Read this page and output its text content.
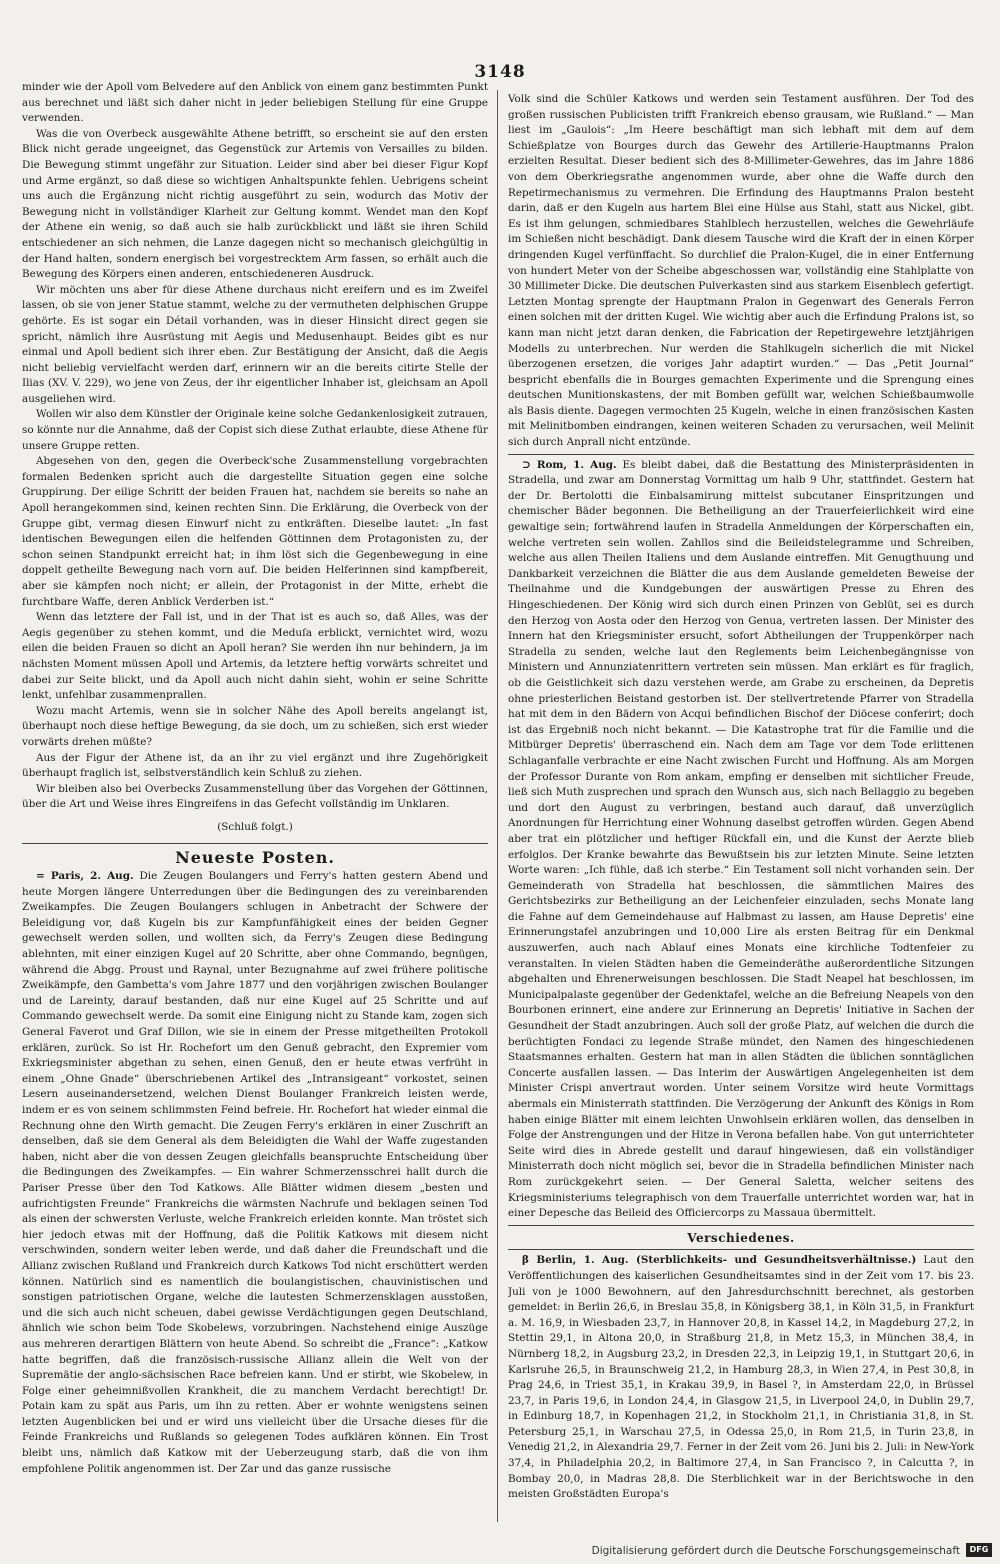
3148

minder wie der Apoll vom Belvedere auf den Anblick von einem ganz bestimmten Punkt aus berechnet und läßt sich daher nicht in jeder beliebigen Stellung für eine Gruppe verwenden.

Was die von Overbeck ausgewählte Athene betrifft, so erscheint sie auf den ersten Blick nicht gerade ungeeignet, das Gegenstück zur Artemis von Versailles zu bilden. Die Bewegung stimmt ungefähr zur Situation. Leider sind aber bei dieser Figur Kopf und Arme ergänzt, so daß diese so wichtigen Anhaltspunkte fehlen. Uebrigens scheint uns auch die Ergänzung nicht richtig ausgeführt zu sein, wodurch das Motiv der Bewegung nicht in vollständiger Klarheit zur Geltung kommt. Wendet man den Kopf der Athene ein wenig, so daß auch sie halb zurückblickt und läßt sie ihren Schild entschiedener an sich nehmen, die Lanze dagegen nicht so mechanisch gleichgültig in der Hand halten, sondern energisch bei vorgestrecktem Arm fassen, so erhält auch die Bewegung des Körpers einen anderen, entschiedeneren Ausdruck.

Wir möchten uns aber für diese Athene durchaus nicht ereifern und es im Zweifel lassen, ob sie von jener Statue stammt, welche zu der vermutheten delphischen Gruppe gehörte. Es ist sogar ein Détail vorhanden, was in dieser Hinsicht direct gegen sie spricht, nämlich ihre Ausrüstung mit Aegis und Medusenhaupt. Beides gibt es nur einmal und Apoll bedient sich ihrer eben. Zur Bestätigung der Ansicht, daß die Aegis nicht beliebig vervielfacht werden darf, erinnern wir an die bereits citirte Stelle der Ilias (XV. V. 229), wo jene von Zeus, der ihr eigentlicher Inhaber ist, gleichsam an Apoll ausgeliehen wird.

Wollen wir also dem Künstler der Originale keine solche Gedankenlosigkeit zutrauen, so könnte nur die Annahme, daß der Copist sich diese Zuthat erlaubte, diese Athene für unsere Gruppe retten.

Abgesehen von den, gegen die Overbeck'sche Zusammenstellung vorgebrachten formalen Bedenken spricht auch die dargestellte Situation gegen eine solche Gruppirung. Der eilige Schritt der beiden Frauen hat, nachdem sie bereits so nahe an Apoll herangekommen sind, keinen rechten Sinn. Die Erklärung, die Overbeck von der Gruppe gibt, vermag diesen Einwurf nicht zu entkräften. Dieselbe lautet: „In fast identischen Bewegungen eilen die helfenden Göttinnen dem Protagonisten zu, der schon seinen Standpunkt erreicht hat; in ihm löst sich die Gegenbewegung in eine doppelt getheilte Bewegung nach vorn auf. Die beiden Helferinnen sind kampfbereit, aber sie kämpfen noch nicht; er allein, der Protagonist in der Mitte, erhebt die furchtbare Waffe, deren Anblick Verderben ist.“

Wenn das letztere der Fall ist, und in der That ist es auch so, daß Alles, was der Aegis gegenüber zu stehen kommt, und die Meduſa erblickt, vernichtet wird, wozu eilen die beiden Frauen so dicht an Apoll heran? Sie werden ihn nur behindern, ja im nächsten Moment müssen Apoll und Artemis, da letztere heftig vorwärts schreitet und dabei zur Seite blickt, und da Apoll auch nicht dahin sieht, wohin er seine Schritte lenkt, unfehlbar zusammenprallen.

Wozu macht Artemis, wenn sie in solcher Nähe des Apoll bereits angelangt ist, überhaupt noch diese heftige Bewegung, da sie doch, um zu schießen, sich erst wieder vorwärts drehen müßte?

Aus der Figur der Athene ist, da an ihr zu viel ergänzt und ihre Zugehörigkeit überhaupt fraglich ist, selbstverständlich kein Schluß zu ziehen.

Wir bleiben also bei Overbecks Zusammenstellung über das Vorgehen der Göttinnen, über die Art und Weise ihres Eingreifens in das Gefecht vollständig im Unklaren.

(Schluß folgt.)
Neueste Posten.

= Paris, 2. Aug. Die Zeugen Boulangers und Ferry's hatten gestern Abend und heute Morgen längere Unterredungen über die Bedingungen des zu vereinbarenden Zweikampfes. Die Zeugen Boulangers schlugen in Anbetracht der Schwere der Beleidigung vor, daß Kugeln bis zur Kampfunfähigkeit eines der beiden Gegner gewechselt werden sollen, und wollten sich, da Ferry's Zeugen diese Bedingung ablehnten, mit einer einzigen Kugel auf 20 Schritte, aber ohne Commando, begnügen, während die Abgg. Proust und Raynal, unter Bezugnahme auf zwei frühere politische Zweikämpfe, den Gambetta's vom Jahre 1877 und den vorjährigen zwischen Boulanger und de Lareinty, darauf bestanden, daß nur eine Kugel auf 25 Schritte und auf Commando gewechselt werde. Da somit eine Einigung nicht zu Stande kam, zogen sich General Faverot und Graf Dillon, wie sie in einem der Presse mitgetheilten Protokoll erklären, zurück. So ist Hr. Rochefort um den Genuß gebracht, den Expremier vom Exkriegsminister abgethan zu sehen, einen Genuß, den er heute etwas verfrüht in einem „Ohne Gnade“ überschriebenen Artikel des „Intransigeant“ vorkostet, seinen Lesern auseinandersetzend, welchen Dienst Boulanger Frankreich leisten werde, indem er es von seinem schlimmsten Feind befreie. Hr. Rochefort hat wieder einmal die Rechnung ohne den Wirth gemacht. Die Zeugen Ferry's erklären in einer Zuschrift an denselben, daß sie dem General als dem Beleidigten die Wahl der Waffe zugestanden haben, nicht aber die von dessen Zeugen gleichfalls beanspruchte Entscheidung über die Bedingungen des Zweikampfes. — Ein wahrer Schmerzensschrei hallt durch die Pariser Presse über den Tod Katkows. Alle Blätter widmen diesem „besten und aufrichtigsten Freunde“ Frankreichs die wärmsten Nachrufe und beklagen seinen Tod als einen der schwersten Verluste, welche Frankreich erleiden konnte. Man tröstet sich hier jedoch etwas mit der Hoffnung, daß die Politik Katkows mit diesem nicht verschwinden, sondern weiter leben werde, und daß daher die Freundschaft und die Allianz zwischen Rußland und Frankreich durch Katkows Tod nicht erschüttert werden können. Natürlich sind es namentlich die boulangistischen, chauvinistischen und sonstigen patriotischen Organe, welche die lautesten Schmerzensklagen ausstoßen, und die sich auch nicht scheuen, dabei gewisse Verdächtigungen gegen Deutschland, ähnlich wie schon beim Tode Skobelews, vorzubringen. Nachstehend einige Auszüge aus mehreren derartigen Blättern von heute Abend. So schreibt die „France“: „Katkow hatte begriffen, daß die französisch-russische Allianz allein die Welt von der Supremätie der anglo-sächsischen Race befreien kann. Und er stirbt, wie Skobelew, in Folge einer geheimnißvollen Krankheit, die zu manchem Verdacht berechtigt! Dr. Potain kam zu spät aus Paris, um ihn zu retten. Aber er wohnte wenigstens seinen letzten Augenblicken bei und er wird uns vielleicht über die Ursache dieses für die Feinde Frankreichs und Rußlands so gelegenen Todes aufklären können. Ein Trost bleibt uns, nämlich daß Katkow mit der Ueberzeugung starb, daß die von ihm empfohlene Politik angenommen ist. Der Zar und das ganze russische

Volk sind die Schüler Katkows und werden sein Testament ausführen. Der Tod des großen russischen Publicisten trifft Frankreich ebenso grausam, wie Rußland.“ — Man liest im „Gaulois“: „Im Heere beschäftigt man sich lebhaft mit dem auf dem Schießplatze von Bourges durch das Gewehr des Artillerie-Hauptmanns Pralon erzielten Resultat. Dieser bedient sich des 8-Millimeter-Gewehres, das im Jahre 1886 von dem Oberkriegsrathe angenommen wurde, aber ohne die Waffe durch den Repetirmechanismus zu vermehren. Die Erfindung des Hauptmanns Pralon besteht darin, daß er den Kugeln aus hartem Blei eine Hülse aus Stahl, statt aus Nickel, gibt. Es ist ihm gelungen, schmiedbares Stahlblech herzustellen, welches die Gewehrläufe im Schießen nicht beschädigt. Dank diesem Tausche wird die Kraft der in einen Körper dringenden Kugel verfünffacht. So durchlief die Pralon-Kugel, die in einer Entfernung von hundert Meter von der Scheibe abgeschossen war, vollständig eine Stahlplatte von 30 Millimeter Dicke. Die deutschen Pulverkasten sind aus starkem Eisenblech gefertigt. Letzten Montag sprengte der Hauptmann Pralon in Gegenwart des Generals Ferron einen solchen mit der dritten Kugel. Wie wichtig aber auch die Erfindung Pralons ist, so kann man nicht jetzt daran denken, die Fabrication der Repetirgewehre letztjährigen Modells zu unterbrechen. Nur werden die Stahlkugeln sicherlich die mit Nickel überzogenen ersetzen, die voriges Jahr adaptirt wurden.“ — Das „Petit Journal“ bespricht ebenfalls die in Bourges gemachten Experimente und die Sprengung eines deutschen Munitionskastens, der mit Bomben gefüllt war, welchen Schießbaumwolle als Basis diente. Dagegen vermochten 25 Kugeln, welche in einen französischen Kasten mit Melinitbomben eindrangen, keinen weiteren Schaden zu verursachen, weil Melinit sich durch Anprall nicht entzünde.

⊃ Rom, 1. Aug. Es bleibt dabei, daß die Bestattung des Ministerpräsidenten in Stradella, und zwar am Donnerstag Vormittag um halb 9 Uhr, stattfindet. Gestern hat der Dr. Bertolotti die Einbalsamirung mittelst subcutaner Einspritzungen und chemischer Bäder begonnen. Die Betheiligung an der Trauerfeierlichkeit wird eine gewaltige sein; fortwährend laufen in Stradella Anmeldungen der Körperschaften ein, welche vertreten sein wollen. Zahllos sind die Beileidstelegramme und Schreiben, welche aus allen Theilen Italiens und dem Auslande eintreffen. Mit Genugthuung und Dankbarkeit verzeichnen die Blätter die aus dem Auslande gemeldeten Beweise der Theilnahme und die Kundgebungen der auswärtigen Presse zu Ehren des Hingeschiedenen. Der König wird sich durch einen Prinzen von Geblüt, sei es durch den Herzog von Aosta oder den Herzog von Genua, vertreten lassen. Der Minister des Innern hat den Kriegsminister ersucht, sofort Abtheilungen der Truppenkörper nach Stradella zu senden, welche laut den Reglements beim Leichenbegängnisse von Ministern und Annunziatenrittern vertreten sein müssen. Man erklärt es für fraglich, ob die Geistlichkeit sich dazu verstehen werde, am Grabe zu erscheinen, da Depretis ohne priesterlichen Beistand gestorben ist. Der stellvertretende Pfarrer von Stradella hat mit dem in den Bädern von Acqui befindlichen Bischof der Diöcese conferirt; doch ist das Ergebniß noch nicht bekannt. — Die Katastrophe trat für die Familie und die Mitbürger Depretis' überraschend ein. Nach dem am Tage vor dem Tode erlittenen Schlaganfalle verbrachte er eine Nacht zwischen Furcht und Hoffnung. Als am Morgen der Professor Durante von Rom ankam, empfing er denselben mit sichtlicher Freude, ließ sich Muth zusprechen und sprach den Wunsch aus, sich nach Bellaggio zu begeben und dort den August zu verbringen, bestand auch darauf, daß unverzüglich Anordnungen für Herrichtung einer Wohnung daselbst getroffen würden. Gegen Abend aber trat ein plötzlicher und heftiger Rückfall ein, und die Kunst der Aerzte blieb erfolglos. Der Kranke bewahrte das Bewußtsein bis zur letzten Minute. Seine letzten Worte waren: „Ich fühle, daß ich sterbe.“ Ein Testament soll nicht vorhanden sein. Der Gemeinderath von Stradella hat beschlossen, die sämmtlichen Maires des Gerichtsbezirks zur Betheiligung an der Leichenfeier einzuladen, sechs Monate lang die Fahne auf dem Gemeindehause auf Halbmast zu lassen, am Hause Depretis' eine Erinnerungstafel anzubringen und 10,000 Lire als ersten Beitrag für ein Denkmal auszuwerfen, auch nach Ablauf eines Monats eine kirchliche Todtenfeier zu veranstalten. In vielen Städten haben die Gemeinderäthe außerordentliche Sitzungen abgehalten und Ehrenerweisungen beschlossen. Die Stadt Neapel hat beschlossen, im Municipalpalaste gegenüber der Gedenktafel, welche an die Befreiung Neapels von den Bourbonen erinnert, eine andere zur Erinnerung an Depretis' Initiative in Sachen der Gesundheit der Stadt anzubringen. Auch soll der große Platz, auf welchen die durch die berüchtigten Fondaci zu legende Straße mündet, den Namen des hingeschiedenen Staatsmannes erhalten. Gestern hat man in allen Städten die üblichen sonntäglichen Concerte ausfallen lassen. — Das Interim der Auswärtigen Angelegenheiten ist dem Minister Crispi anvertraut worden. Unter seinem Vorsitze wird heute Vormittags abermals ein Ministerrath stattfinden. Die Verzögerung der Ankunft des Königs in Rom haben einige Blätter mit einem leichten Unwohlsein erklären wollen, das denselben in Folge der Anstrengungen und der Hitze in Verona befallen habe. Von gut unterrichteter Seite wird dies in Abrede gestellt und darauf hingewiesen, daß ein vollständiger Ministerrath doch nicht möglich sei, bevor die in Stradella befindlichen Minister nach Rom zurückgekehrt seien. — Der General Saletta, welcher seitens des Kriegsministeriums telegraphisch von dem Trauerfalle unterrichtet worden war, hat in einer Depesche das Beileid des Officiercorps zu Massaua übermittelt.

Verschiedenes.

β Berlin, 1. Aug. (Sterblichkeits- und Gesundheitsverhältnisse.) Laut den Veröffentlichungen des kaiserlichen Gesundheitsamtes sind in der Zeit vom 17. bis 23. Juli von je 1000 Bewohnern, auf den Jahresdurchschnitt berechnet, als gestorben gemeldet: in Berlin 26,6, in Breslau 35,8, in Königsberg 38,1, in Köln 31,5, in Frankfurt a. M. 16,9, in Wiesbaden 23,7, in Hannover 20,8, in Kassel 14,2, in Magdeburg 27,2, in Stettin 29,1, in Altona 20,0, in Straßburg 21,8, in Metz 15,3, in München 38,4, in Nürnberg 18,2, in Augsburg 23,2, in Dresden 22,3, in Leipzig 19,1, in Stuttgart 20,6, in Karlsruhe 26,5, in Braunschweig 21,2, in Hamburg 28,3, in Wien 27,4, in Pest 30,8, in Prag 24,6, in Triest 35,1, in Krakau 39,9, in Basel ?, in Amsterdam 22,0, in Brüssel 23,7, in Paris 19,6, in London 24,4, in Glasgow 21,5, in Liverpool 24,0, in Dublin 29,7, in Edinburg 18,7, in Kopenhagen 21,2, in Stockholm 21,1, in Christiania 31,8, in St. Petersburg 25,1, in Warschau 27,5, in Odessa 25,0, in Rom 21,5, in Turin 23,8, in Venedig 21,2, in Alexandria 29,7. Ferner in der Zeit vom 26. Juni bis 2. Juli: in New-York 37,4, in Philadelphia 20,2, in Baltimore 27,4, in San Francisco ?, in Calcutta ?, in Bombay 20,0, in Madras 28,8. Die Sterblichkeit war in der Berichtswoche in den meisten Großstädten Europa's

Digitalisierung gefördert durch die Deutsche Forschungsgemeinschaft	DFG
